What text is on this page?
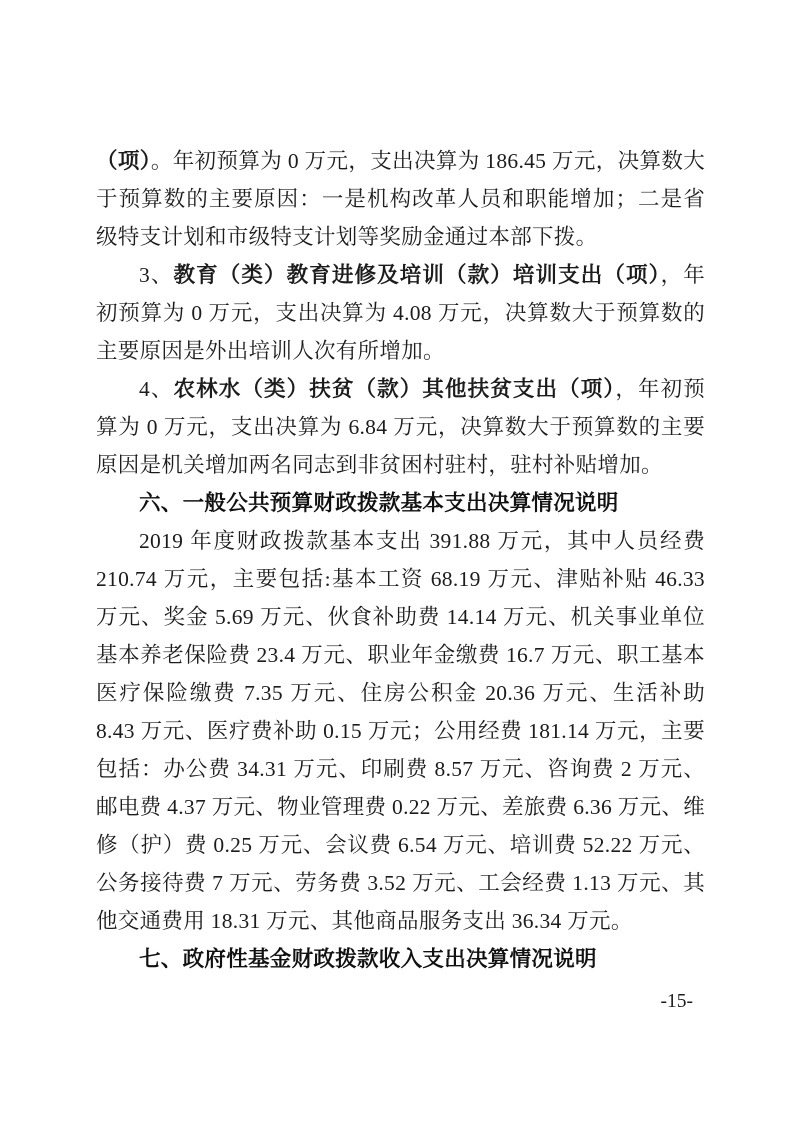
（项）。年初预算为 0 万元，支出决算为 186.45 万元，决算数大于预算数的主要原因：一是机构改革人员和职能增加；二是省级特支计划和市级特支计划等奖励金通过本部下拨。

3、教育（类）教育进修及培训（款）培训支出（项），年初预算为 0 万元，支出决算为 4.08 万元，决算数大于预算数的主要原因是外出培训人次有所增加。

4、农林水（类）扶贫（款）其他扶贫支出（项），年初预算为 0 万元，支出决算为 6.84 万元，决算数大于预算数的主要原因是机关增加两名同志到非贫困村驻村，驻村补贴增加。

六、一般公共预算财政拨款基本支出决算情况说明

2019 年度财政拨款基本支出 391.88 万元，其中人员经费 210.74 万元，主要包括:基本工资 68.19 万元、津贴补贴 46.33 万元、奖金 5.69 万元、伙食补助费 14.14 万元、机关事业单位基本养老保险费 23.4 万元、职业年金缴费 16.7 万元、职工基本医疗保险缴费 7.35 万元、住房公积金 20.36 万元、生活补助 8.43 万元、医疗费补助 0.15 万元；公用经费 181.14 万元，主要包括：办公费 34.31 万元、印刷费 8.57 万元、咨询费 2 万元、邮电费 4.37 万元、物业管理费 0.22 万元、差旅费 6.36 万元、维修（护）费 0.25 万元、会议费 6.54 万元、培训费 52.22 万元、公务接待费 7 万元、劳务费 3.52 万元、工会经费 1.13 万元、其他交通费用 18.31 万元、其他商品服务支出 36.34 万元。

七、政府性基金财政拨款收入支出决算情况说明
-15-
